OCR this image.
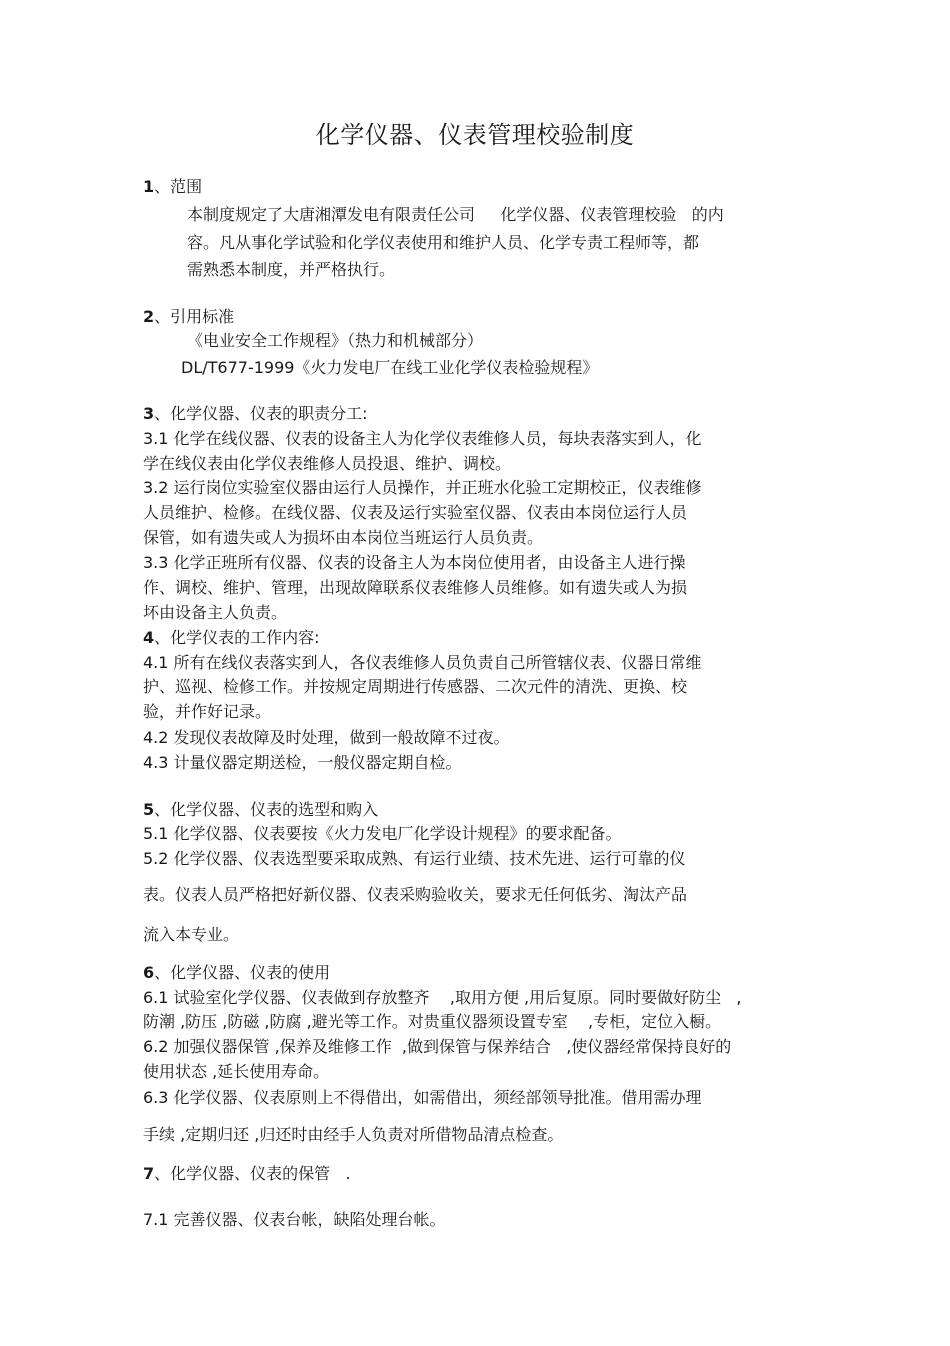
化学仪器、仪表管理校验制度
1、范围
本制度规定了大唐湘潭发电有限责任公司     化学仪器、仪表管理校验   的内
容。凡从事化学试验和化学仪表使用和维护人员、化学专责工程师等，都
需熟悉本制度，并严格执行。
2、引用标准
《电业安全工作规程》（热力和机械部分）
DL/T677-1999《火力发电厂在线工业化学仪表检验规程》
3、化学仪器、仪表的职责分工:
3.1 化学在线仪器、仪表的设备主人为化学仪表维修人员，每块表落实到人，化
学在线仪表由化学仪表维修人员投退、维护、调校。
3.2 运行岗位实验室仪器由运行人员操作，并正班水化验工定期校正，仪表维修
人员维护、检修。在线仪器、仪表及运行实验室仪器、仪表由本岗位运行人员
保管，如有遗失或人为损坏由本岗位当班运行人员负责。
3.3 化学正班所有仪器、仪表的设备主人为本岗位使用者，由设备主人进行操
作、调校、维护、管理，出现故障联系仪表维修人员维修。如有遗失或人为损
坏由设备主人负责。
4、化学仪表的工作内容:
4.1 所有在线仪表落实到人，各仪表维修人员负责自己所管辖仪表、仪器日常维
护、巡视、检修工作。并按规定周期进行传感器、二次元件的清洗、更换、校
验，并作好记录。
4.2 发现仪表故障及时处理，做到一般故障不过夜。
4.3 计量仪器定期送检，一般仪器定期自检。
5、化学仪器、仪表的选型和购入
5.1 化学仪器、仪表要按《火力发电厂化学设计规程》的要求配备。
5.2 化学仪器、仪表选型要采取成熟、有运行业绩、技术先进、运行可靠的仪
表。仪表人员严格把好新仪器、仪表采购验收关，要求无任何低劣、淘汰产品
流入本专业。
6、化学仪器、仪表的使用
6.1 试验室化学仪器、仪表做到存放整齐    ,取用方便 ,用后复原。同时要做好防尘   ,
防潮 ,防压 ,防磁 ,防腐 ,避光等工作。对贵重仪器须设置专室    ,专柜，定位入橱。
6.2 加强仪器保管 ,保养及维修工作  ,做到保管与保养结合   ,使仪器经常保持良好的
使用状态 ,延长使用寿命。
6.3 化学仪器、仪表原则上不得借出，如需借出，须经部领导批准。借用需办理
手续 ,定期归还 ,归还时由经手人负责对所借物品清点检查。
7、化学仪器、仪表的保管   .
7.1 完善仪器、仪表台帐，缺陷处理台帐。
